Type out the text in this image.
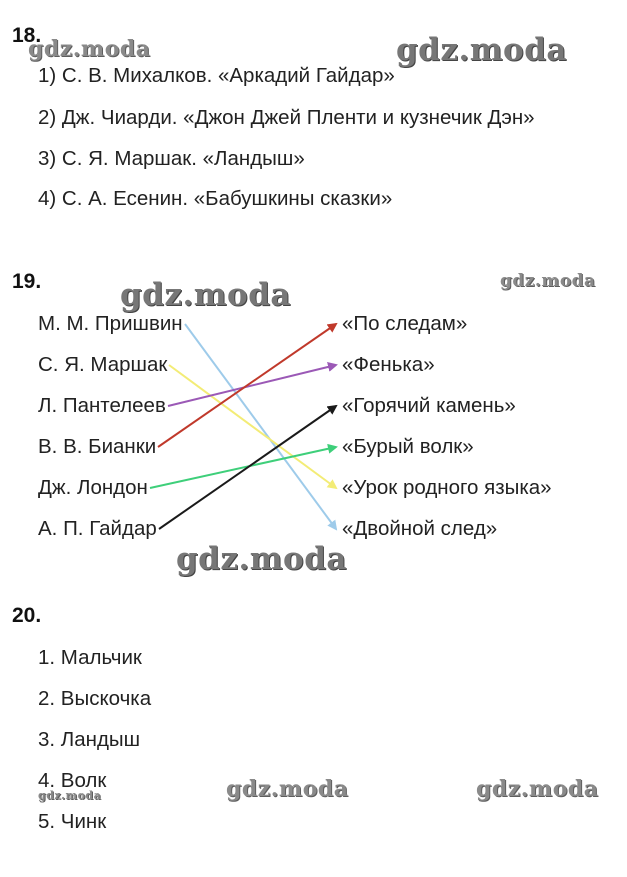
18.
1) С. В. Михалков. «Аркадий Гайдар»
2) Дж. Чиарди. «Джон Джей Пленти и кузнечик Дэн»
3) С. Я. Маршак. «Ландыш»
4) С. А. Есенин. «Бабушкины сказки»
19.
М. М. Пришвин
С. Я. Маршак
Л. Пантелеев
В. В. Бианки
Дж. Лондон
А. П. Гайдар
«По следам»
«Фенька»
«Горячий камень»
«Бурый волк»
«Урок родного языка»
«Двойной след»
20.
1. Мальчик
2. Выскочка
3. Ландыш
4. Волк
5. Чинк
gdz.moda	gdz.moda
gdz.moda	gdz.moda
gdz.moda
gdz.moda	gdz.moda
gdz.moda
